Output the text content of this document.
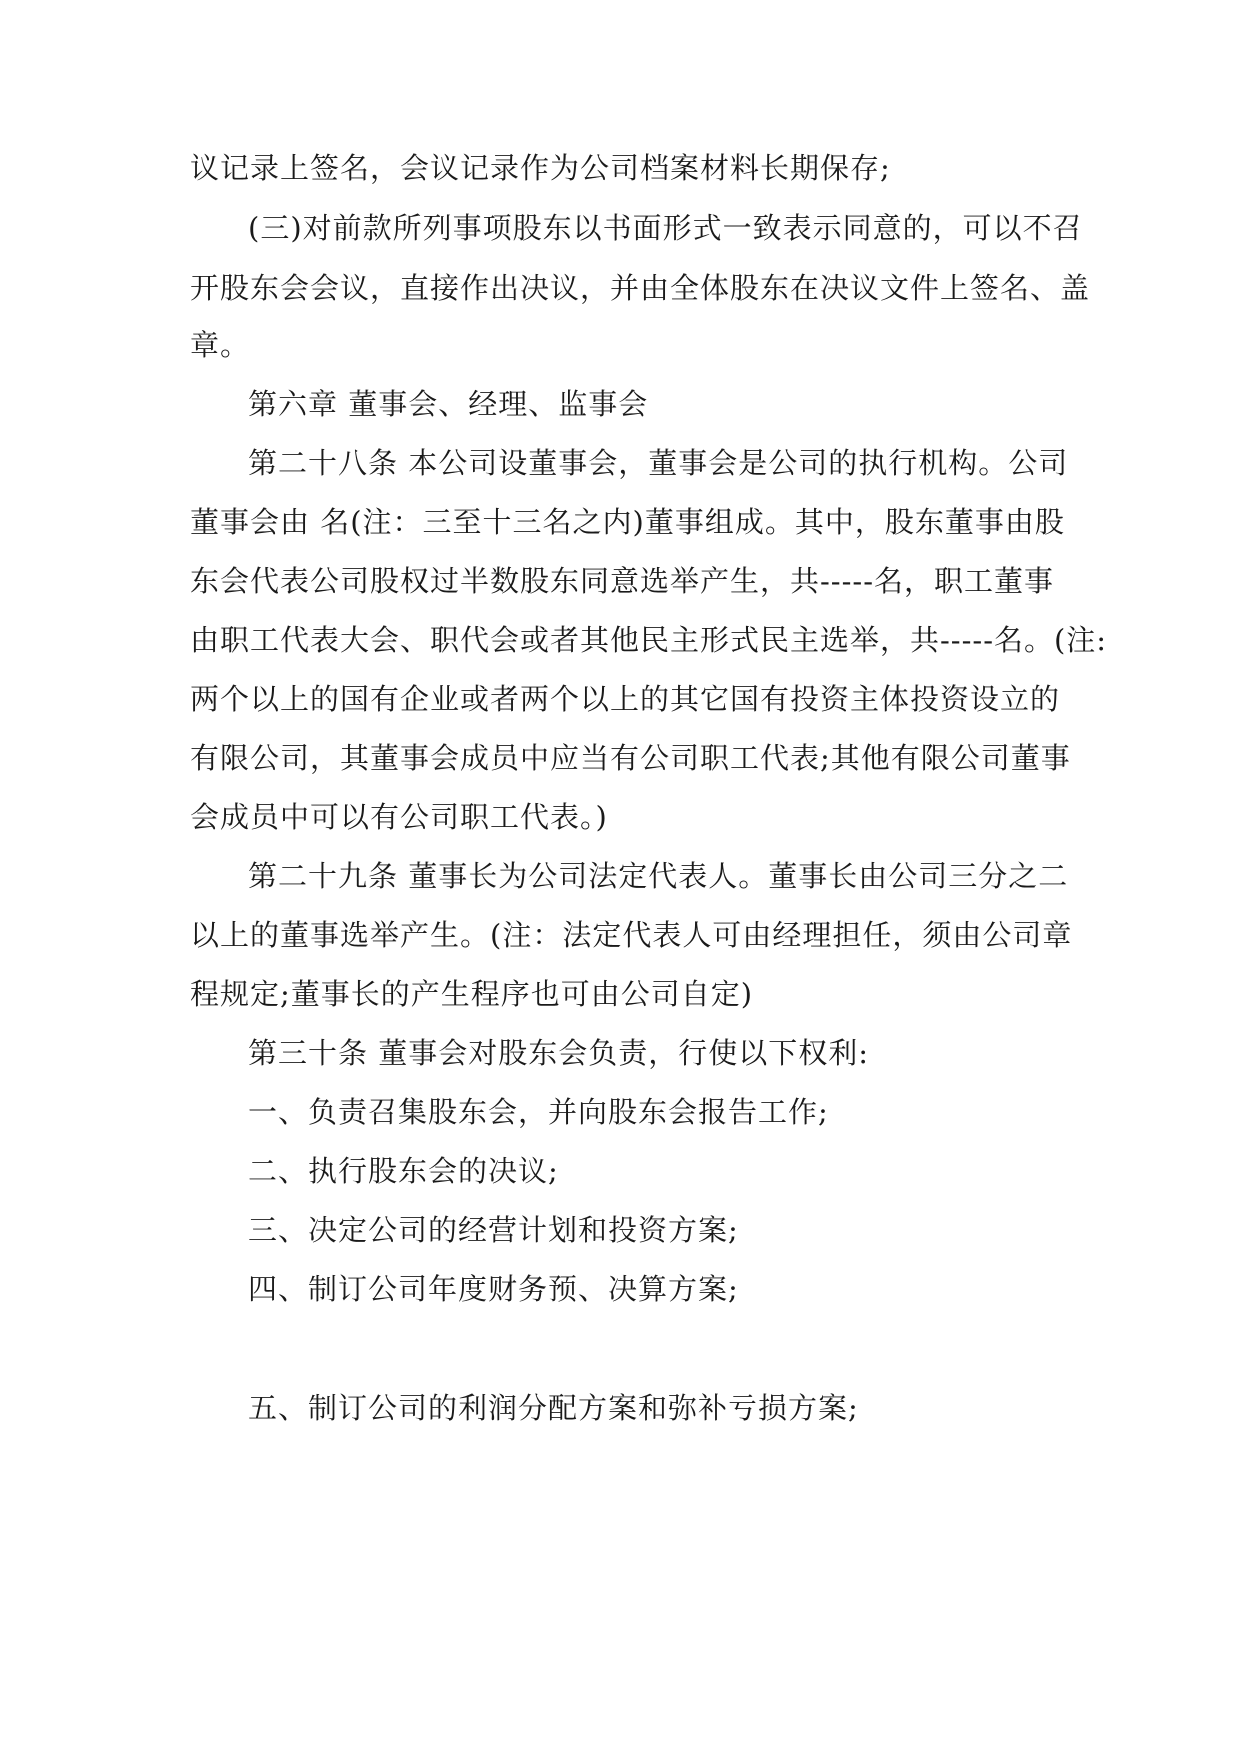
议记录上签名，会议记录作为公司档案材料长期保存;
(三)对前款所列事项股东以书面形式一致表示同意的，可以不召
开股东会会议，直接作出决议，并由全体股东在决议文件上签名、盖
章。
第六章 董事会、经理、监事会
第二十八条 本公司设董事会，董事会是公司的执行机构。公司
董事会由 名(注：三至十三名之内)董事组成。其中，股东董事由股
东会代表公司股权过半数股东同意选举产生，共-----名，职工董事
由职工代表大会、职代会或者其他民主形式民主选举，共-----名。(注:
两个以上的国有企业或者两个以上的其它国有投资主体投资设立的
有限公司，其董事会成员中应当有公司职工代表;其他有限公司董事
会成员中可以有公司职工代表。)
第二十九条 董事长为公司法定代表人。董事长由公司三分之二
以上的董事选举产生。(注：法定代表人可由经理担任，须由公司章
程规定;董事长的产生程序也可由公司自定)
第三十条 董事会对股东会负责，行使以下权利:
一、负责召集股东会，并向股东会报告工作;
二、执行股东会的决议;
三、决定公司的经营计划和投资方案;
四、制订公司年度财务预、决算方案;
五、制订公司的利润分配方案和弥补亏损方案;
